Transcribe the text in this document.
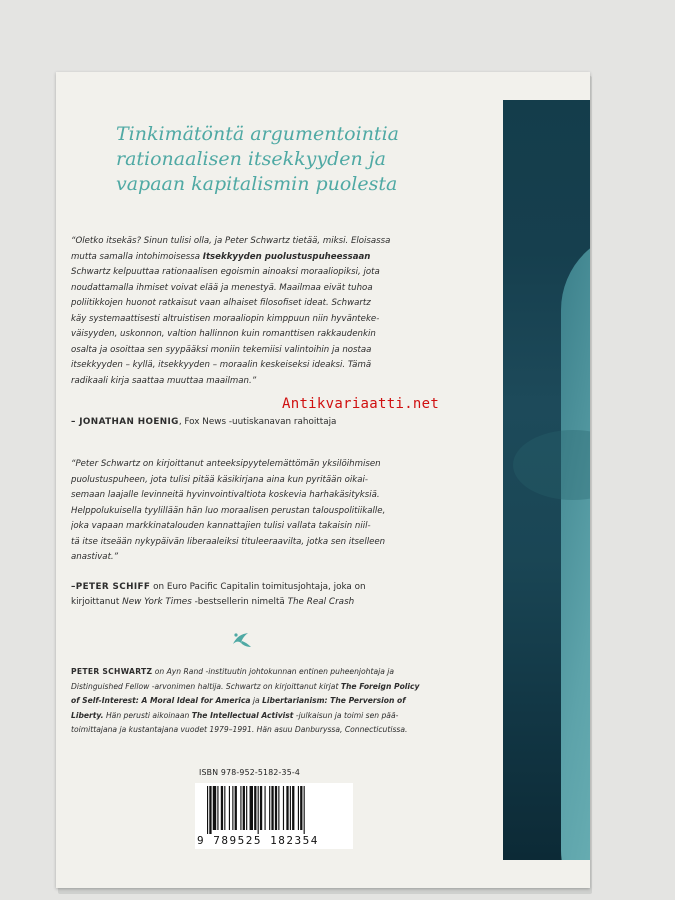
Tinkimätöntä argumentointia
rationaalisen itsekkyyden ja
vapaan kapitalismin puolesta
“Oletko itsekäs? Sinun tulisi olla, ja Peter Schwartz tietää, miksi. Eloisassa
mutta samalla intohimoisessa Itsekkyyden puolustuspuheessaan
Schwartz kelpuuttaa rationaalisen egoismin ainoaksi moraaliopiksi, jota
noudattamalla ihmiset voivat elää ja menestyä. Maailmaa eivät tuhoa
poliitikkojen huonot ratkaisut vaan alhaiset filosofiset ideat. Schwartz
käy systemaattisesti altruistisen moraaliopin kimppuun niin hyvänteke-
väisyyden, uskonnon, valtion hallinnon kuin romanttisen rakkaudenkin
osalta ja osoittaa sen syypääksi moniin tekemiisi valintoihin ja nostaa
itsekkyyden – kyllä, itsekkyyden – moraalin keskeiseksi ideaksi. Tämä
radikaali kirja saattaa muuttaa maailman.”
– JONATHAN HOENIG, Fox News -uutiskanavan rahoittaja
“Peter Schwartz on kirjoittanut anteeksipyytelemättömän yksilöihmisen
puolustuspuheen, jota tulisi pitää käsikirjana aina kun pyritään oikai-
semaan laajalle levinneitä hyvinvointivaltiota koskevia harhakäsityksiä.
Helppolukuisella tyylillään hän luo moraalisen perustan talouspolitiikalle,
joka vapaan markkinatalouden kannattajien tulisi vallata takaisin niil-
tä itse itseään nykypäivän liberaaleiksi tituleeraavilta, jotka sen itselleen
anastivat.”
–PETER SCHIFF on Euro Pacific Capitalin toimitusjohtaja, joka on
kirjoittanut New York Times -bestsellerin nimeltä The Real Crash
PETER SCHWARTZ on Ayn Rand -instituutin johtokunnan entinen puheenjohtaja ja
Distinguished Fellow -arvonimen haltija. Schwartz on kirjoittanut kirjat The Foreign Policy
of Self-Interest: A Moral Ideal for America ja Libertarianism: The Perversion of
Liberty. Hän perusti aikoinaan The Intellectual Activist -julkaisun ja toimi sen pää-
toimittajana ja kustantajana vuodet 1979–1991. Hän asuu Danburyssa, Connecticutissa.
ISBN 978-952-5182-35-4
9 789525 182354
Antikvariaatti.net
